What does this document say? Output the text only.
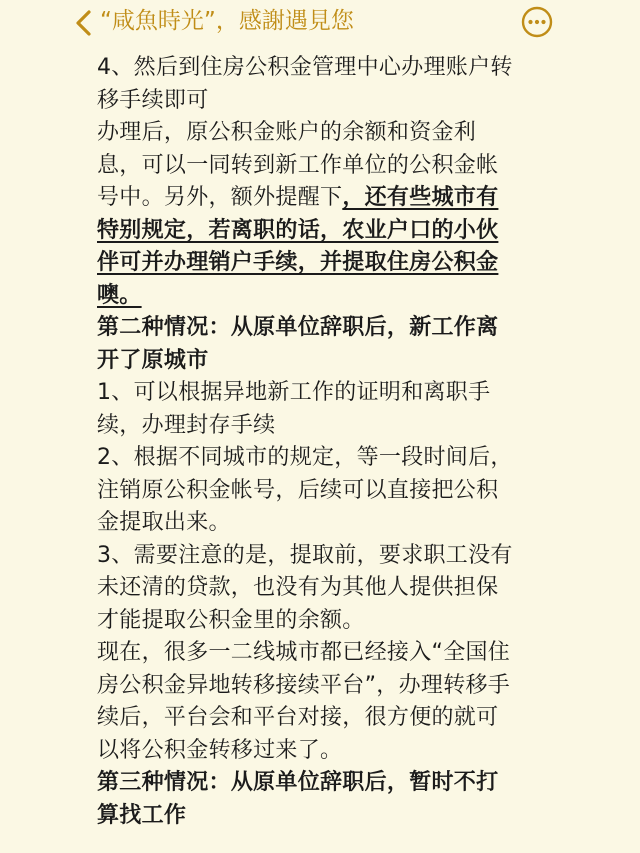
“咸魚時光”，感謝遇見您
4、然后到住房公积金管理中心办理账户转
移手续即可
办理后，原公积金账户的余额和资金利
息，可以一同转到新工作单位的公积金帐
号中。另外，额外提醒下，还有些城市有
特别规定，若离职的话，农业户口的小伙
伴可并办理销户手续，并提取住房公积金
噢。
第二种情况：从原单位辞职后，新工作离
开了原城市
1、可以根据异地新工作的证明和离职手
续，办理封存手续
2、根据不同城市的规定，等一段时间后，
注销原公积金帐号，后续可以直接把公积
金提取出来。
3、需要注意的是，提取前，要求职工没有
未还清的贷款，也没有为其他人提供担保
才能提取公积金里的余额。
现在，很多一二线城市都已经接入“全国住
房公积金异地转移接续平台”，办理转移手
续后，平台会和平台对接，很方便的就可
以将公积金转移过来了。
第三种情况：从原单位辞职后，暂时不打
算找工作
